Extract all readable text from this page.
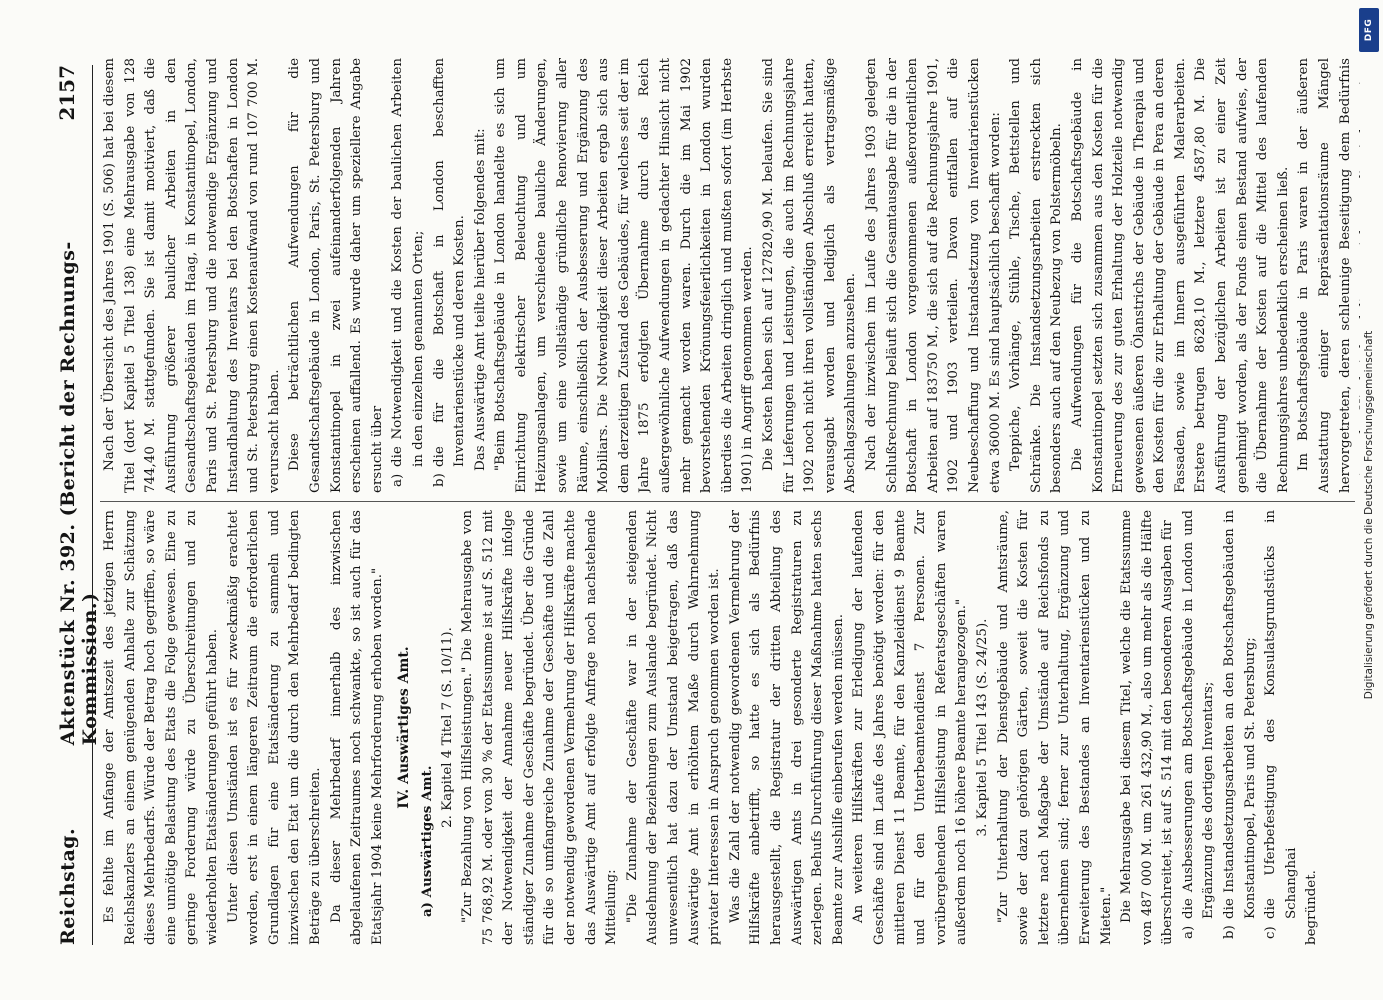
Reichstag.
Aktenstück Nr. 392. (Bericht der Rechnungs-Kommission.)
2157

Es fehlte im Anfange der Amtszeit des jetzigen Herrn Reichskanzlers an einem genügenden Anhalte zur Schätzung dieses Mehrbedarfs. Würde der Betrag hoch gegriffen, so wäre eine unnötige Belastung des Etats die Folge gewesen. Eine zu geringe Forderung würde zu Überschreitungen und zu wiederholten Etatsänderungen geführt haben. Unter diesen Umständen ist es für zweckmäßig erachtet worden, erst in einem längeren Zeitraum die erforderlichen Grundlagen für eine Etatsänderung zu sammeln und inzwischen den Etat um die durch den Mehrbedarf bedingten Beträge zu überschreiten. Da dieser Mehrbedarf innerhalb des inzwischen abgelaufenen Zeitraumes noch schwankte, so ist auch für das Etatsjahr 1904 keine Mehrforderung erhoben worden." IV. Auswärtiges Amt.

a) Auswärtiges Amt.

2. Kapitel 4 Titel 7 (S. 10/11). "Zur Bezahlung von Hilfsleistungen." Die Mehrausgabe von 75 768,92 M. oder von 30 % der Etatssumme ist auf S. 512 mit der Notwendigkeit der Annahme neuer Hilfskräfte infolge ständiger Zunahme der Geschäfte begründet. Über die Gründe für die so umfangreiche Zunahme der Geschäfte und die Zahl der notwendig gewordenen Vermehrung der Hilfskräfte machte das Auswärtige Amt auf erfolgte Anfrage noch nachstehende Mitteilung: "Die Zunahme der Geschäfte war in der steigenden Ausdehnung der Beziehungen zum Auslande begründet. Nicht unwesentlich hat dazu der Umstand beigetragen, daß das Auswärtige Amt in erhöhtem Maße durch Wahrnehmung privater Interessen in Anspruch genommen worden ist. Was die Zahl der notwendig gewordenen Vermehrung der Hilfskräfte anbetrifft, so hatte es sich als Bedürfnis herausgestellt, die Registratur der dritten Abteilung des Auswärtigen Amts in drei gesonderte Registraturen zu zerlegen. Behufs Durchführung dieser Maßnahme hatten sechs Beamte zur Aushilfe einberufen werden müssen. An weiteren Hilfskräften zur Erledigung der laufenden Geschäfte sind im Laufe des Jahres benötigt worden: für den mittleren Dienst 11 Beamte, für den Kanzleidienst 9 Beamte und für den Unterbeamtendienst 7 Personen. Zur vorübergehenden Hilfsleistung in Referatsgeschäften waren außerdem noch 16 höhere Beamte herangezogen." 3. Kapitel 5 Titel 143 (S. 24/25). "Zur Unterhaltung der Dienstgebäude und Amtsräume, sowie der dazu gehörigen Gärten, soweit die Kosten für letztere nach Maßgabe der Umstände auf Reichsfonds zu übernehmen sind; ferner zur Unterhaltung, Ergänzung und Erweiterung des Bestandes an Inventarienstücken und zu Mieten." Die Mehrausgabe bei diesem Titel, welche die Etatssumme von 487 000 M. um 261 432,90 M., also um mehr als die Hälfte überschreitet, ist auf S. 514 mit den besonderen Ausgaben für a)
die Ausbesserungen am Botschaftsgebäude in London und Ergänzung des dortigen Inventars;

b)
die Instandsetzungsarbeiten an den Botschaftsgebäuden in Konstantinopel, Paris und St. Petersburg;

c)
die Uferbefestigung des Konsulatsgrundstücks in Schanghai begründet.

Nach der Übersicht des Jahres 1901 (S. 506) hat bei diesem Titel (dort Kapitel 5 Titel 138) eine Mehrausgabe von 128 744,40 M. stattgefunden. Sie ist damit motiviert, daß die Ausführung größerer baulicher Arbeiten in den Gesandtschaftsgebäuden im Haag, in Konstantinopel, London, Paris und St. Petersburg und die notwendige Ergänzung und Instandhaltung des Inventars bei den Botschaften in London und St. Petersburg einen Kostenaufwand von rund 107 700 M. verursacht haben. Diese beträchtlichen Aufwendungen für die Gesandtschaftsgebäude in London, Paris, St. Petersburg und Konstantinopel in zwei aufeinanderfolgenden Jahren erscheinen auffallend. Es wurde daher um speziellere Angabe ersucht über a)
die Notwendigkeit und die Kosten der baulichen Arbeiten in den einzelnen genannten Orten;

b)
die für die Botschaft in London beschafften Inventarienstücke und deren Kosten. Das Auswärtige Amt teilte hierüber folgendes mit: "Beim Botschaftsgebäude in London handelte es sich um Einrichtung elektrischer Beleuchtung und um Heizungsanlagen, um verschiedene bauliche Änderungen, sowie um eine vollständige gründliche Renovierung aller Räume, einschließlich der Ausbesserung und Ergänzung des Mobiliars. Die Notwendigkeit dieser Arbeiten ergab sich aus dem derzeitigen Zustand des Gebäudes, für welches seit der im Jahre 1875 erfolgten Übernahme durch das Reich außergewöhnliche Aufwendungen in gedachter Hinsicht nicht mehr gemacht worden waren. Durch die im Mai 1902 bevorstehenden Krönungsfeierlichkeiten in London wurden überdies die Arbeiten dringlich und mußten sofort (im Herbste 1901) in Angriff genommen werden. Die Kosten haben sich auf 127820,90 M. belaufen. Sie sind für Lieferungen und Leistungen, die auch im Rechnungsjahre 1902 noch nicht ihren vollständigen Abschluß erreicht hatten, verausgabt worden und lediglich als vertragsmäßige Abschlagszahlungen anzusehen. Nach der inzwischen im Laufe des Jahres 1903 gelegten Schlußrechnung beläuft sich die Gesamtausgabe für die in der Botschaft in London vorgenommenen außerordentlichen Arbeiten auf 183750 M., die sich auf die Rechnungsjahre 1901, 1902 und 1903 verteilen. Davon entfallen auf die Neubeschaffung und Instandsetzung von Inventarienstücken etwa 36000 M. Es sind hauptsächlich beschafft worden: Teppiche, Vorhänge, Stühle, Tische, Bettstellen und Schränke. Die Instandsetzungsarbeiten erstreckten sich besonders auch auf den Neubezug von Polstermöbeln. Die Aufwendungen für die Botschaftsgebäude in Konstantinopel setzten sich zusammen aus den Kosten für die Erneuerung des zur guten Erhaltung der Holzteile notwendig gewesenen äußeren Ölanstrichs der Gebäude in Therapia und den Kosten für die zur Erhaltung der Gebäude in Pera an deren Fassaden, sowie im Innern ausgeführten Malerarbeiten. Erstere betrugen 8628,10 M., letztere 4587,80 M. Die Ausführung der bezüglichen Arbeiten ist zu einer Zeit genehmigt worden, als der Fonds einen Bestand aufwies, der die Übernahme der Kosten auf die Mittel des laufenden Rechnungsjahres unbedenklich erscheinen ließ. Im Botschaftsgebäude in Paris waren in der äußeren Ausstattung einiger Repräsentationsräume Mängel hervorgetreten, deren schleunige Beseitigung dem Bedürfnis

DFG
Digitalisierung gefördert durch die Deutsche Forschungsgemeinschaft
